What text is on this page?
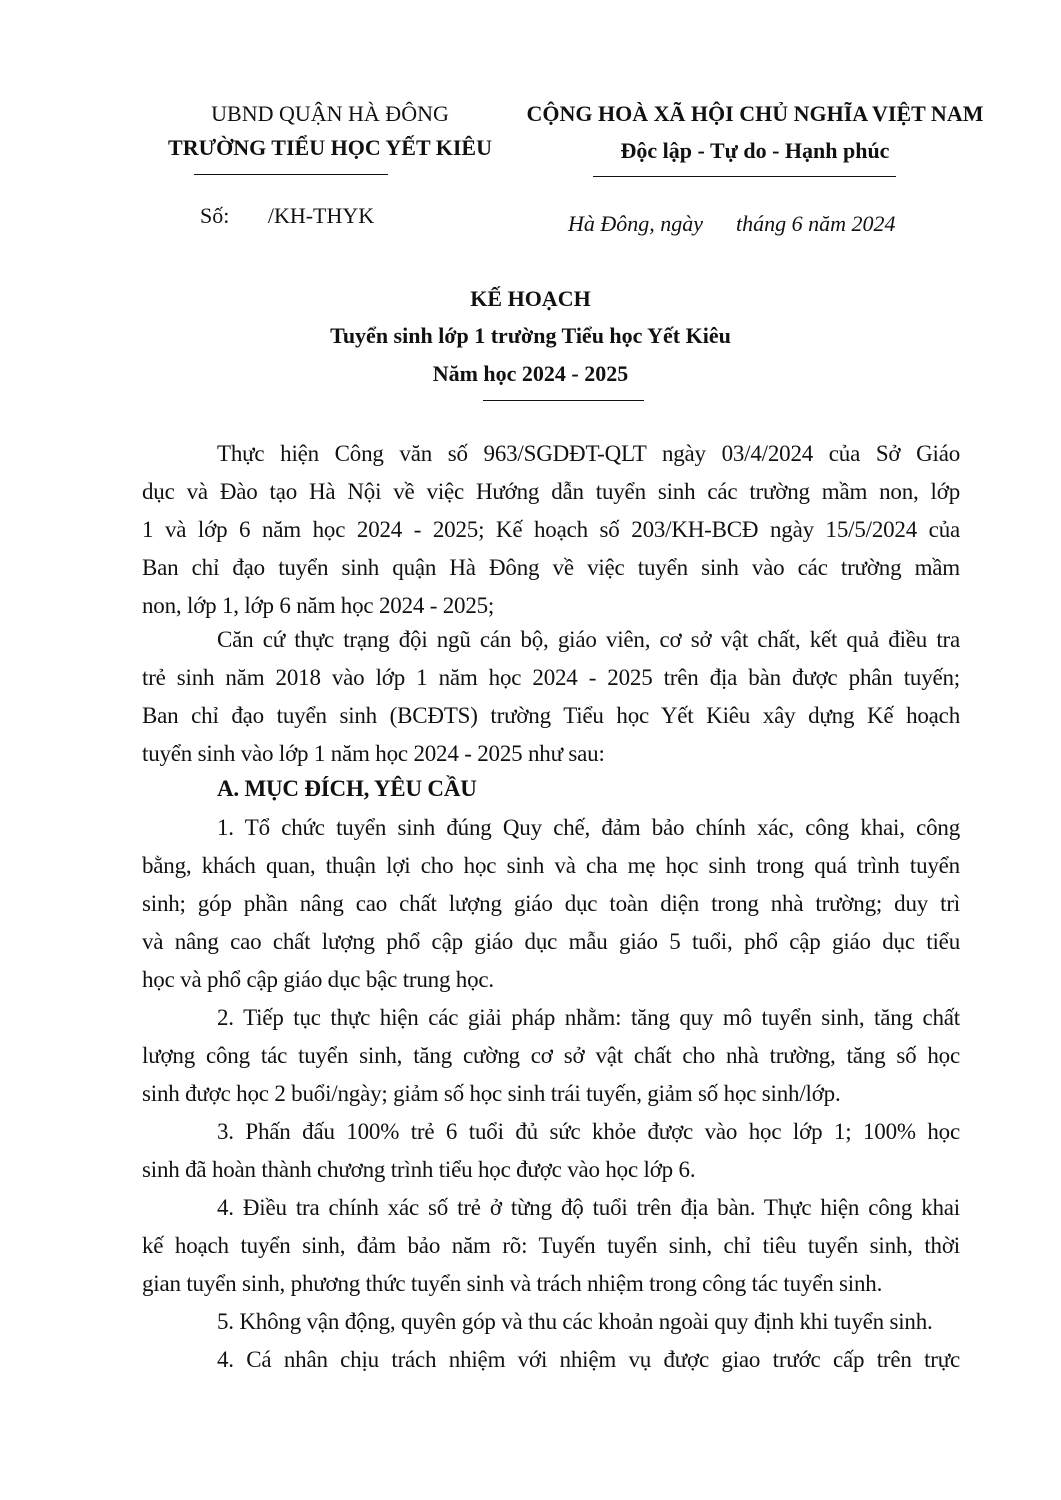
UBND QUẬN HÀ ĐÔNG
TRƯỜNG TIỂU HỌC YẾT KIÊU
Số:       /KH-THYK
CỘNG HOÀ XÃ HỘI CHỦ NGHĨA VIỆT NAM
Độc lập - Tự do - Hạnh phúc
Hà Đông, ngày      tháng 6 năm 2024
KẾ HOẠCH
Tuyển sinh lớp 1 trường Tiểu học Yết Kiêu
Năm học 2024 - 2025
Thực hiện Công văn số 963/SGDĐT-QLT ngày 03/4/2024 của Sở Giáo
dục và Đào tạo Hà Nội về việc Hướng dẫn tuyển sinh các trường mầm non, lớp
1 và lớp 6 năm học 2024 - 2025; Kế hoạch số 203/KH-BCĐ ngày 15/5/2024 của
Ban chỉ đạo tuyển sinh quận Hà Đông về việc tuyển sinh vào các trường mầm
non, lớp 1, lớp 6 năm học 2024 - 2025;
Căn cứ thực trạng đội ngũ cán bộ, giáo viên, cơ sở vật chất, kết quả điều tra
trẻ sinh năm 2018 vào lớp 1 năm học 2024 - 2025 trên địa bàn được phân tuyến;
Ban chỉ đạo tuyển sinh (BCĐTS) trường Tiểu học Yết Kiêu xây dựng Kế hoạch
tuyển sinh vào lớp 1 năm học 2024 - 2025 như sau:
A. MỤC ĐÍCH, YÊU CẦU
1. Tổ chức tuyển sinh đúng Quy chế, đảm bảo chính xác, công khai, công
bằng, khách quan, thuận lợi cho học sinh và cha mẹ học sinh trong quá trình tuyển
sinh; góp phần nâng cao chất lượng giáo dục toàn diện trong nhà trường; duy trì
và nâng cao chất lượng phổ cập giáo dục mẫu giáo 5 tuổi, phổ cập giáo dục tiểu
học và phổ cập giáo dục bậc trung học.
2. Tiếp tục thực hiện các giải pháp nhằm: tăng quy mô tuyển sinh, tăng chất
lượng công tác tuyển sinh, tăng cường cơ sở vật chất cho nhà trường, tăng số học
sinh được học 2 buổi/ngày; giảm số học sinh trái tuyến, giảm số học sinh/lớp.
3. Phấn đấu 100% trẻ 6 tuổi đủ sức khỏe được vào học lớp 1; 100% học
sinh đã hoàn thành chương trình tiểu học được vào học lớp 6.
4. Điều tra chính xác số trẻ ở từng độ tuổi trên địa bàn. Thực hiện công khai
kế hoạch tuyển sinh, đảm bảo năm rõ: Tuyến tuyển sinh, chỉ tiêu tuyển sinh, thời
gian tuyển sinh, phương thức tuyển sinh và trách nhiệm trong công tác tuyển sinh.
5. Không vận động, quyên góp và thu các khoản ngoài quy định khi tuyển sinh.
4. Cá nhân chịu trách nhiệm với nhiệm vụ được giao trước cấp trên trực
